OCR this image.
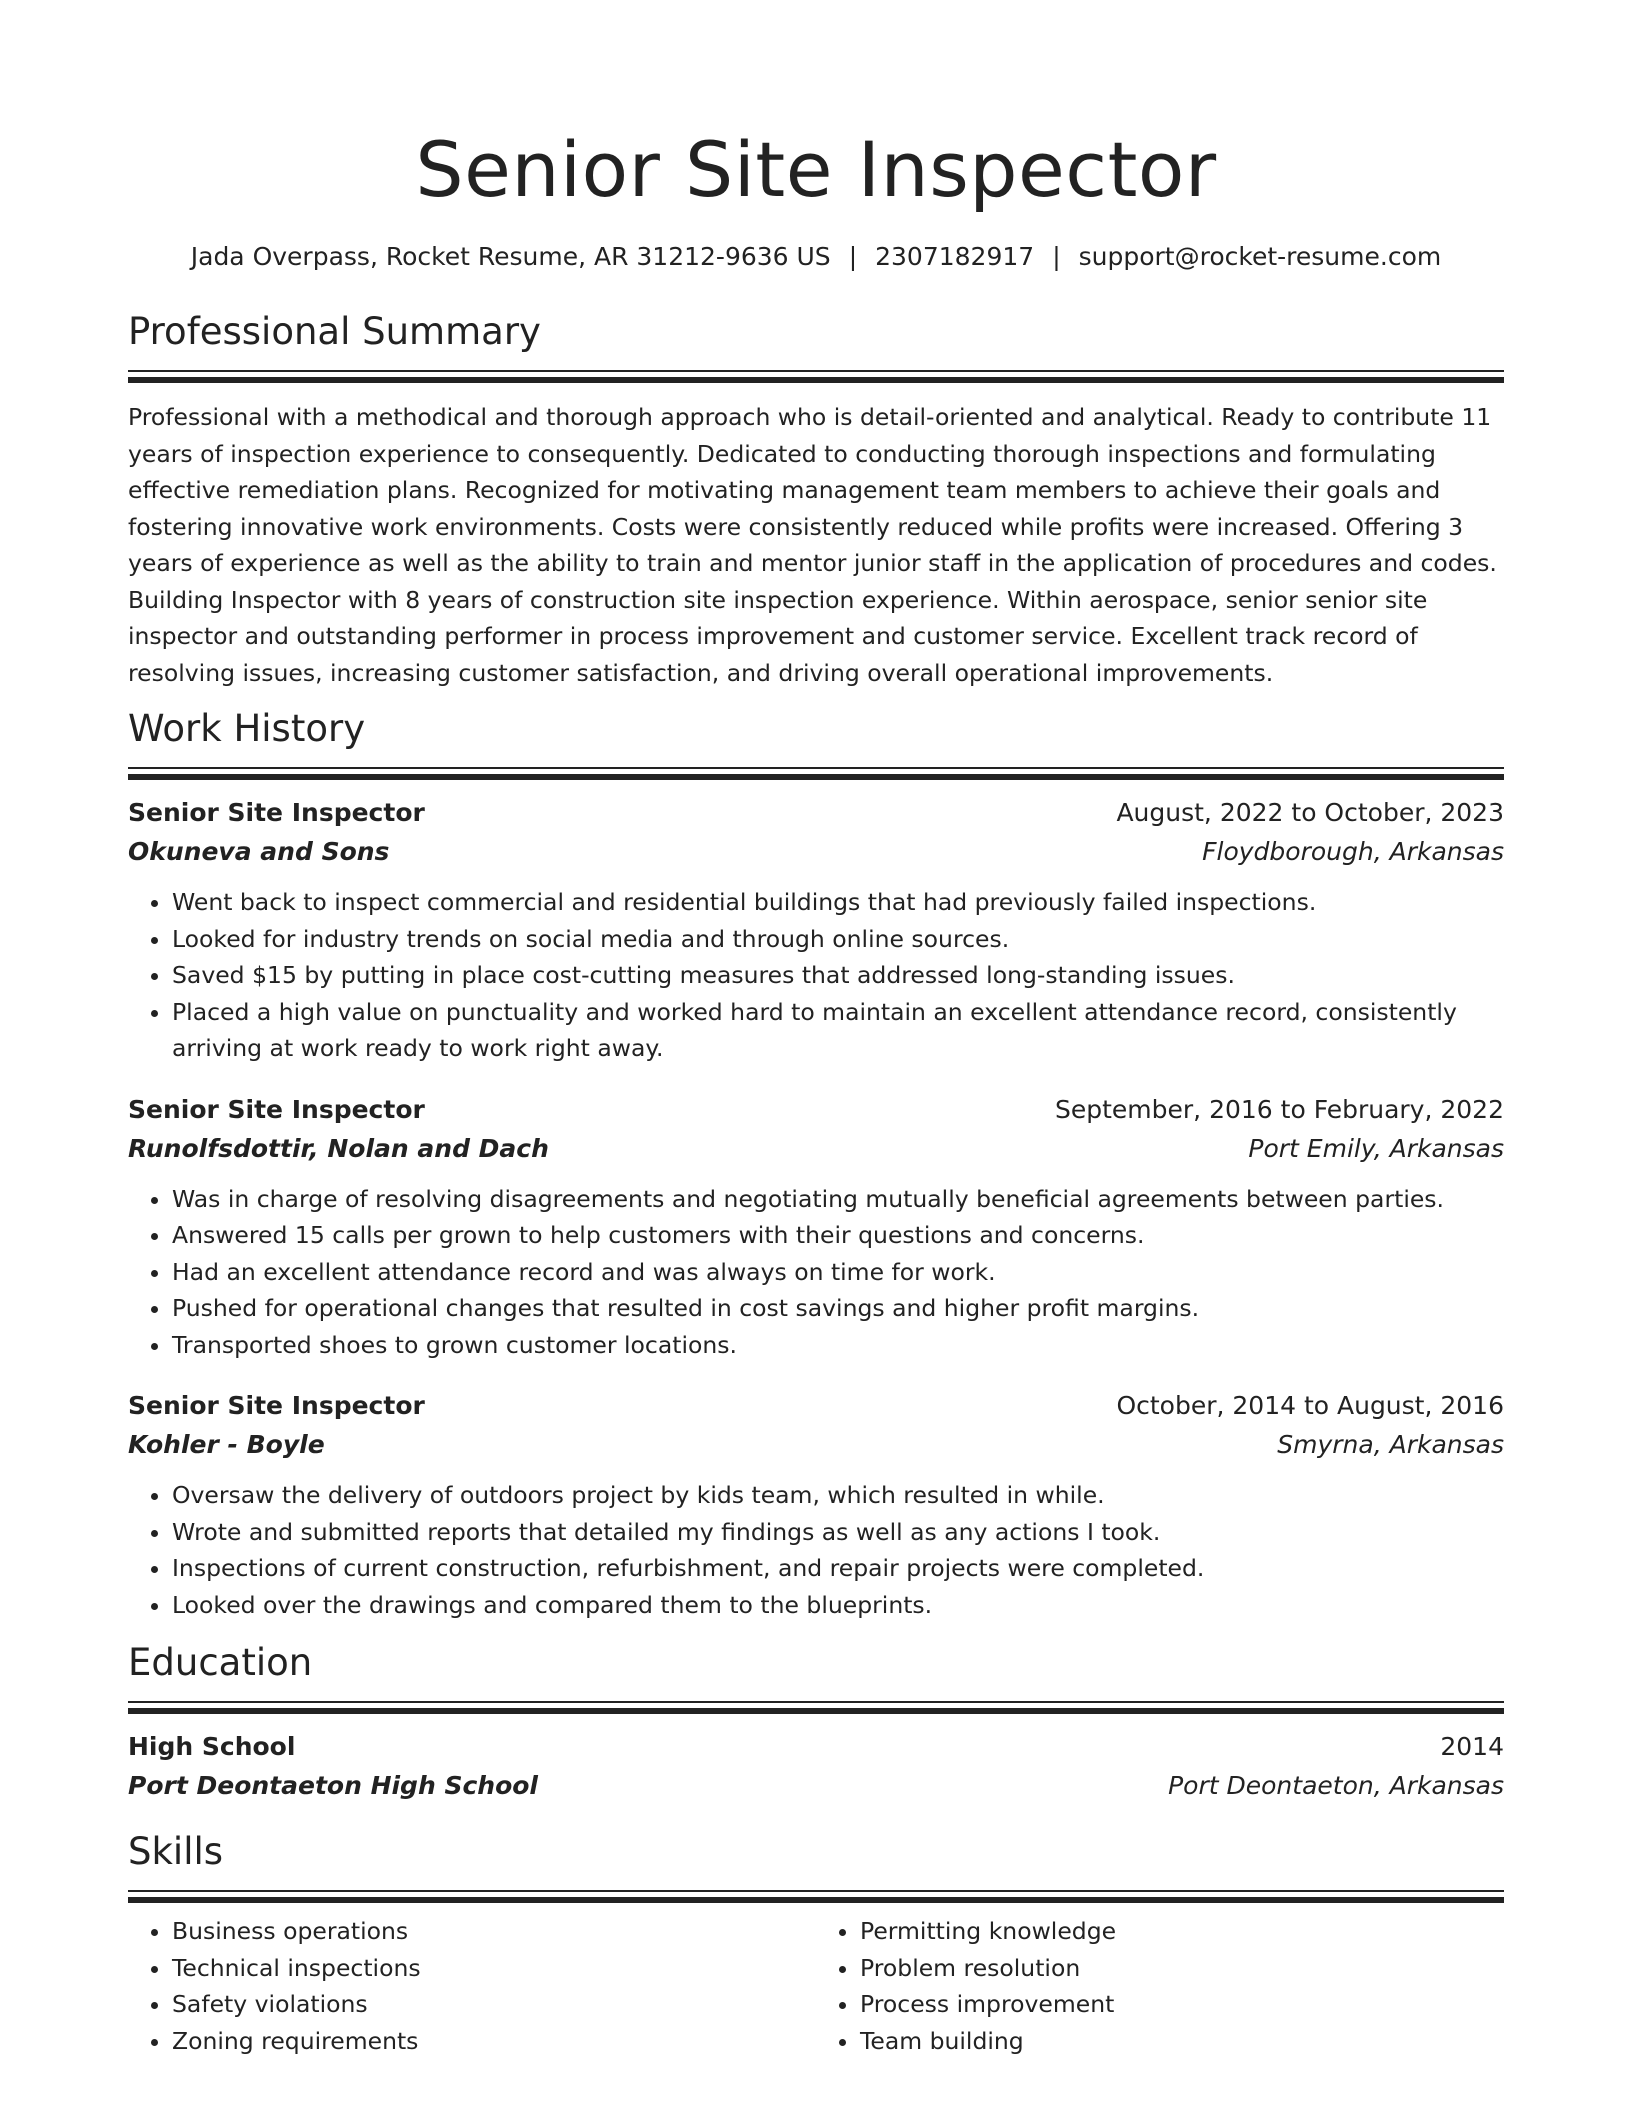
Senior Site Inspector
Jada Overpass, Rocket Resume, AR 31212-9636 US | 2307182917 | support@rocket-resume.com
Professional Summary

Professional with a methodical and thorough approach who is detail-oriented and analytical. Ready to contribute 11 years of inspection experience to consequently. Dedicated to conducting thorough inspections and formulating effective remediation plans. Recognized for motivating management team members to achieve their goals and fostering innovative work environments. Costs were consistently reduced while profits were increased. Offering 3 years of experience as well as the ability to train and mentor junior staff in the application of procedures and codes. Building Inspector with 8 years of construction site inspection experience. Within aerospace, senior senior site inspector and outstanding performer in process improvement and customer service. Excellent track record of resolving issues, increasing customer satisfaction, and driving overall operational improvements.

Work History
Senior Site Inspector	August, 2022 to October, 2023
Okuneva and Sons	Floydborough, Arkansas
• Went back to inspect commercial and residential buildings that had previously failed inspections.
• Looked for industry trends on social media and through online sources.
• Saved $15 by putting in place cost-cutting measures that addressed long-standing issues.
• Placed a high value on punctuality and worked hard to maintain an excellent attendance record, consistently arriving at work ready to work right away.
Senior Site Inspector	September, 2016 to February, 2022
Runolfsdottir, Nolan and Dach	Port Emily, Arkansas
• Was in charge of resolving disagreements and negotiating mutually beneficial agreements between parties.
• Answered 15 calls per grown to help customers with their questions and concerns.
• Had an excellent attendance record and was always on time for work.
• Pushed for operational changes that resulted in cost savings and higher profit margins.
• Transported shoes to grown customer locations.
Senior Site Inspector	October, 2014 to August, 2016
Kohler - Boyle	Smyrna, Arkansas
• Oversaw the delivery of outdoors project by kids team, which resulted in while.
• Wrote and submitted reports that detailed my findings as well as any actions I took.
• Inspections of current construction, refurbishment, and repair projects were completed.
• Looked over the drawings and compared them to the blueprints.
Education
High School	2014
Port Deontaeton High School	Port Deontaeton, Arkansas
Skills
• Business operations
• Technical inspections
• Safety violations
• Zoning requirements
• Permitting knowledge
• Problem resolution
• Process improvement
• Team building
